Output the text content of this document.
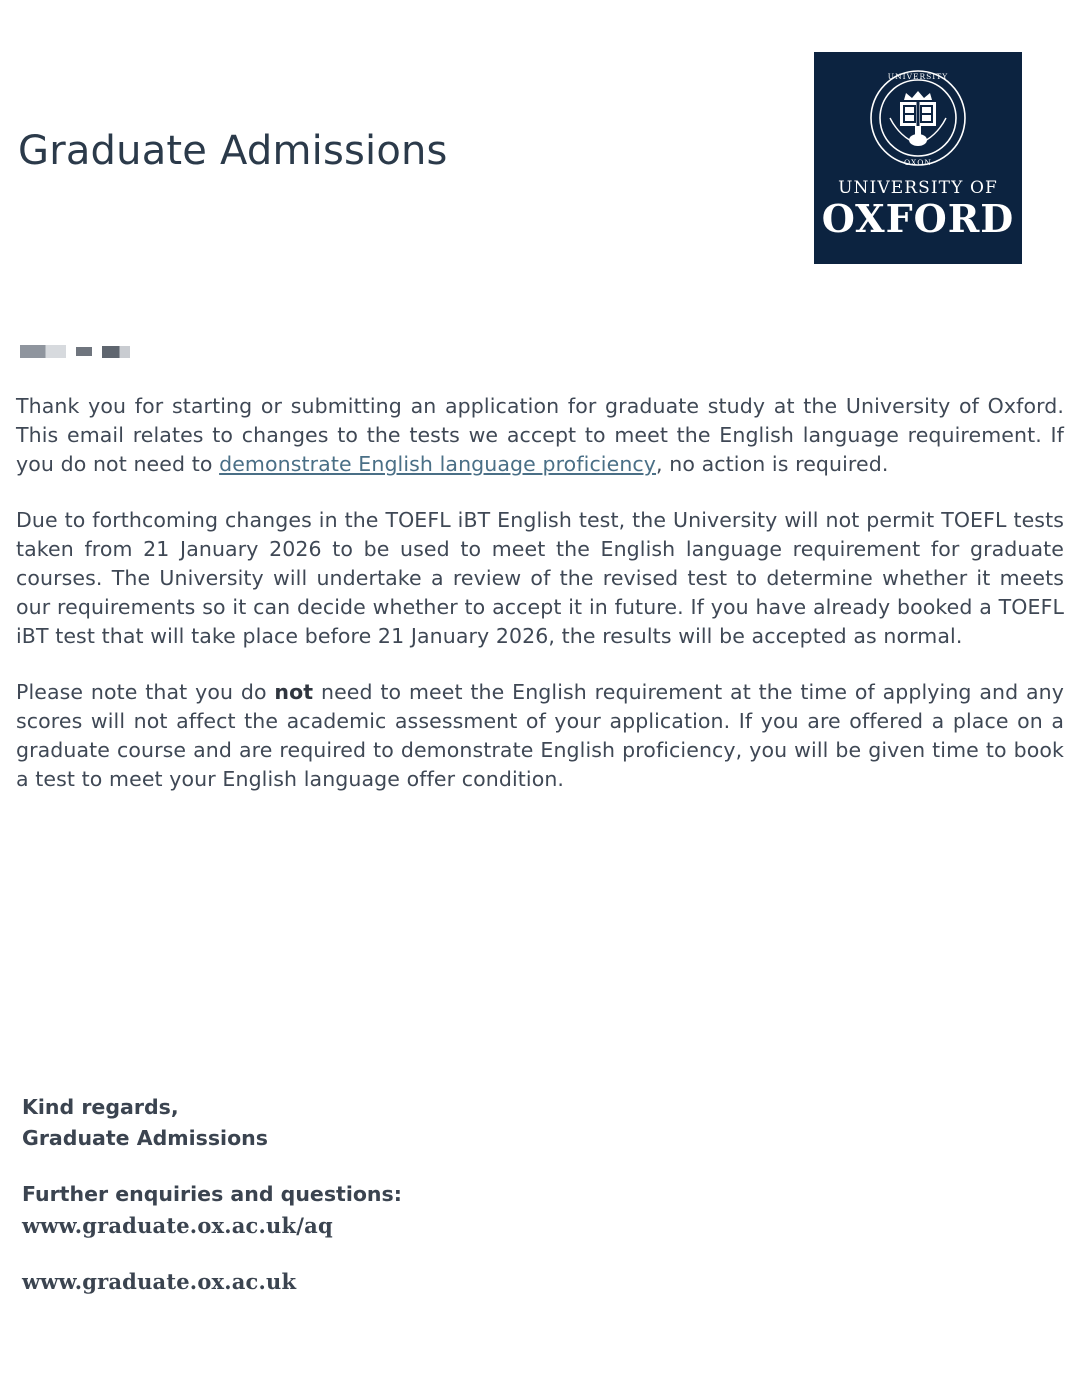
Graduate Admissions
UNIVERSITY
OXON
UNIVERSITY OF
OXFORD

Thank you for starting or submitting an application for graduate study at the University of Oxford. This email relates to changes to the tests we accept to meet the English language requirement. If you do not need to demonstrate English language proficiency, no action is required.

Due to forthcoming changes in the TOEFL iBT English test, the University will not permit TOEFL tests taken from 21 January 2026 to be used to meet the English language requirement for graduate courses. The University will undertake a review of the revised test to determine whether it meets our requirements so it can decide whether to accept it in future. If you have already booked a TOEFL iBT test that will take place before 21 January 2026, the results will be accepted as normal.

Please note that you do not need to meet the English requirement at the time of applying and any scores will not affect the academic assessment of your application. If you are offered a place on a graduate course and are required to demonstrate English proficiency, you will be given time to book a test to meet your English language offer condition.

Kind regards,
Graduate Admissions
Further enquiries and questions:
www.graduate.ox.ac.uk/aq
www.graduate.ox.ac.uk
